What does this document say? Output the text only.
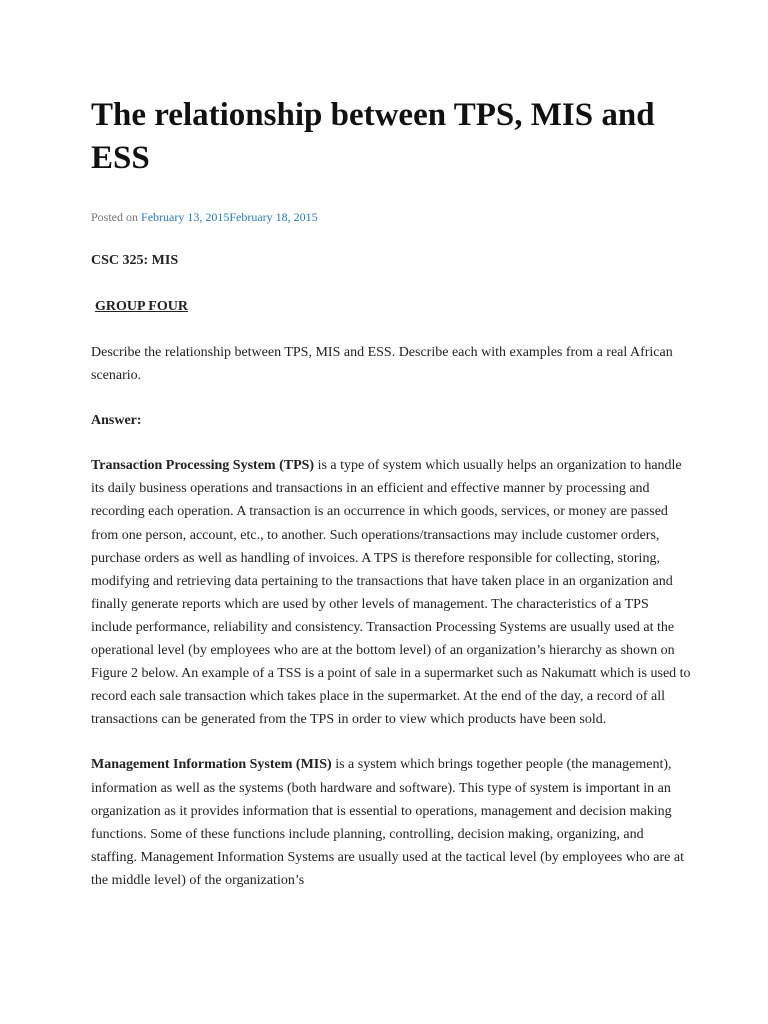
The relationship between TPS, MIS and ESS
Posted on February 13, 2015February 18, 2015
CSC 325: MIS
GROUP FOUR

Describe the relationship between TPS, MIS and ESS. Describe each with examples from a real African scenario.

Answer:

Transaction Processing System (TPS) is a type of system which usually helps an organization to handle its daily business operations and transactions in an efficient and effective manner by processing and recording each operation. A transaction is an occurrence in which goods, services, or money are passed from one person, account, etc., to another. Such operations/transactions may include customer orders, purchase orders as well as handling of invoices. A TPS is therefore responsible for collecting, storing, modifying and retrieving data pertaining to the transactions that have taken place in an organization and finally generate reports which are used by other levels of management. The characteristics of a TPS include performance, reliability and consistency. Transaction Processing Systems are usually used at the operational level (by employees who are at the bottom level) of an organization’s hierarchy as shown on Figure 2 below. An example of a TSS is a point of sale in a supermarket such as Nakumatt which is used to record each sale transaction which takes place in the supermarket. At the end of the day, a record of all transactions can be generated from the TPS in order to view which products have been sold.

Management Information System (MIS) is a system which brings together people (the management), information as well as the systems (both hardware and software). This type of system is important in an organization as it provides information that is essential to operations, management and decision making functions. Some of these functions include planning, controlling, decision making, organizing, and staffing. Management Information Systems are usually used at the tactical level (by employees who are at the middle level) of the organization’s
